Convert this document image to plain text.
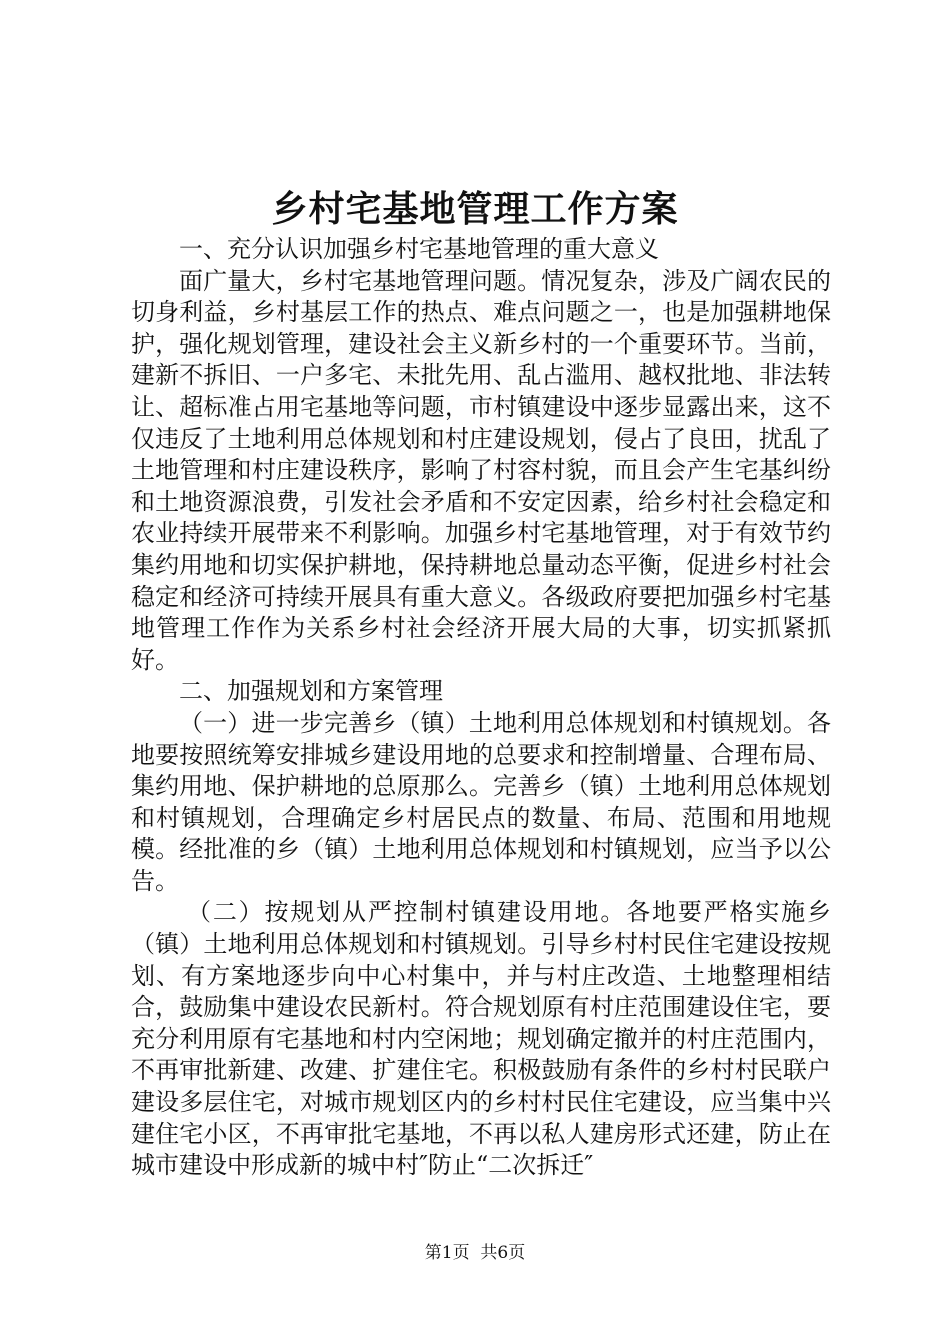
乡村宅基地管理工作方案

一、充分认识加强乡村宅基地管理的重大意义

面广量大，乡村宅基地管理问题。情况复杂，涉及广阔农民的切身利益，乡村基层工作的热点、难点问题之一，也是加强耕地保护，强化规划管理，建设社会主义新乡村的一个重要环节。当前，建新不拆旧、一户多宅、未批先用、乱占滥用、越权批地、非法转让、超标准占用宅基地等问题，市村镇建设中逐步显露出来，这不仅违反了土地利用总体规划和村庄建设规划，侵占了良田，扰乱了土地管理和村庄建设秩序，影响了村容村貌，而且会产生宅基纠纷和土地资源浪费，引发社会矛盾和不安定因素，给乡村社会稳定和农业持续开展带来不利影响。加强乡村宅基地管理，对于有效节约集约用地和切实保护耕地，保持耕地总量动态平衡，促进乡村社会稳定和经济可持续开展具有重大意义。各级政府要把加强乡村宅基地管理工作作为关系乡村社会经济开展大局的大事，切实抓紧抓好。

二、加强规划和方案管理

（一）进一步完善乡（镇）土地利用总体规划和村镇规划。各地要按照统筹安排城乡建设用地的总要求和控制增量、合理布局、集约用地、保护耕地的总原那么。完善乡（镇）土地利用总体规划和村镇规划，合理确定乡村居民点的数量、布局、范围和用地规模。经批准的乡（镇）土地利用总体规划和村镇规划，应当予以公告。

（二）按规划从严控制村镇建设用地。各地要严格实施乡（镇）土地利用总体规划和村镇规划。引导乡村村民住宅建设按规划、有方案地逐步向中心村集中，并与村庄改造、土地整理相结合，鼓励集中建设农民新村。符合规划原有村庄范围建设住宅，要充分利用原有宅基地和村内空闲地；规划确定撤并的村庄范围内，不再审批新建、改建、扩建住宅。积极鼓励有条件的乡村村民联户建设多层住宅，对城市规划区内的乡村村民住宅建设，应当集中兴建住宅小区，不再审批宅基地，不再以私人建房形式还建，防止在城市建设中形成新的城中村″防止“二次拆迁″

第1页  共6页
